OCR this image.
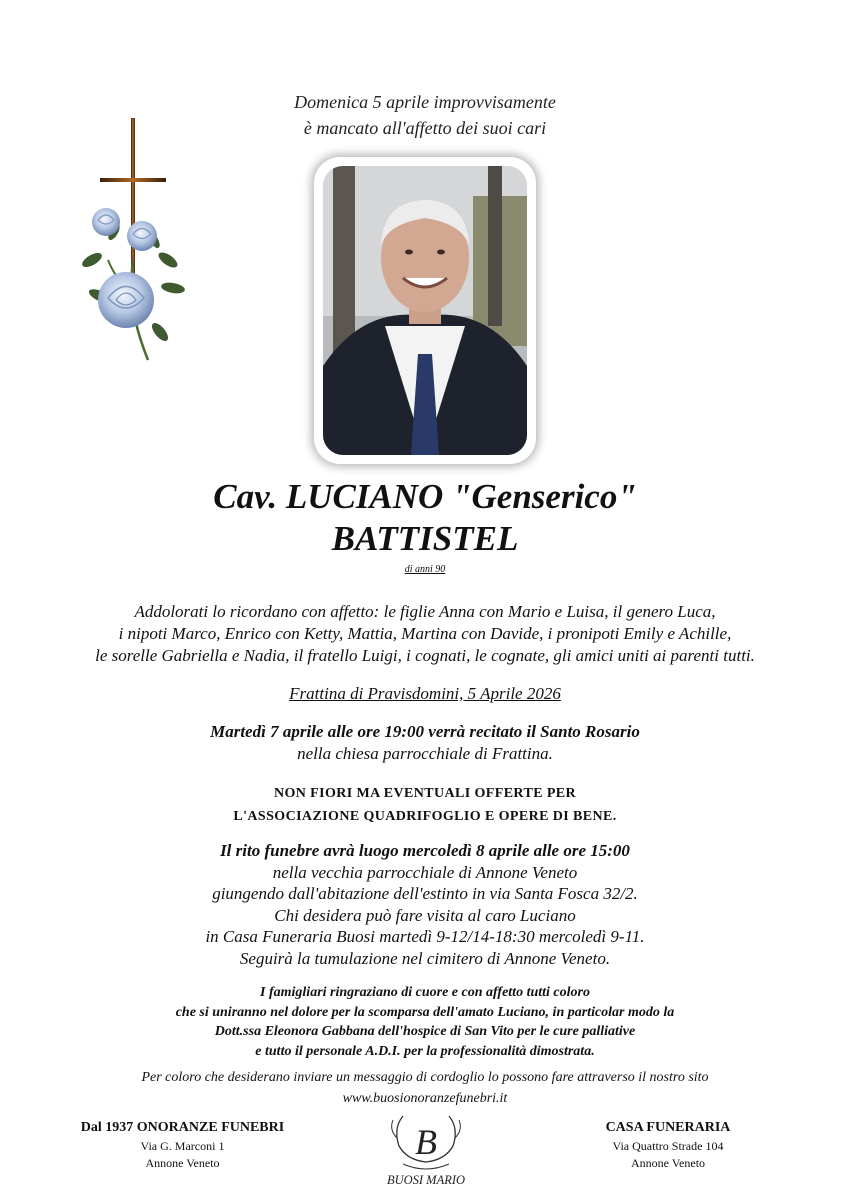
Domenica 5 aprile improvvisamente
è mancato all'affetto dei suoi cari
Cav. LUCIANO "Genserico"
BATTISTEL
di anni 90
Addolorati lo ricordano con affetto: le figlie Anna con Mario e Luisa, il genero Luca,
i nipoti Marco, Enrico con Ketty, Mattia, Martina con Davide, i pronipoti Emily e Achille,
le sorelle Gabriella e Nadia, il fratello Luigi, i cognati, le cognate, gli amici uniti ai parenti tutti.
Frattina di Pravisdomini, 5 Aprile 2026
Martedì 7 aprile alle ore 19:00 verrà recitato il Santo Rosario
nella chiesa parrocchiale di Frattina.
NON FIORI MA EVENTUALI OFFERTE PER
L'ASSOCIAZIONE QUADRIFOGLIO E OPERE DI BENE.
Il rito funebre avrà luogo mercoledì 8 aprile alle ore 15:00
nella vecchia parrocchiale di Annone Veneto
giungendo dall'abitazione dell'estinto in via Santa Fosca 32/2.
Chi desidera può fare visita al caro Luciano
in Casa Funeraria Buosi martedì 9-12/14-18:30 mercoledì 9-11.
Seguirà la tumulazione nel cimitero di Annone Veneto.
I famigliari ringraziano di cuore e con affetto tutti coloro
che si uniranno nel dolore per la scomparsa dell'amato Luciano, in particolar modo la
Dott.ssa Eleonora Gabbana dell'hospice di San Vito per le cure palliative
e tutto il personale A.D.I. per la professionalità dimostrata.
Per coloro che desiderano inviare un messaggio di cordoglio lo possono fare attraverso il nostro sito
www.buosionoranzefunebri.it
Dal 1937 ONORANZE FUNEBRI
Via G. Marconi 1
Annone Veneto
B
BUOSI MARIO
CASA FUNERARIA
Via Quattro Strade 104
Annone Veneto
